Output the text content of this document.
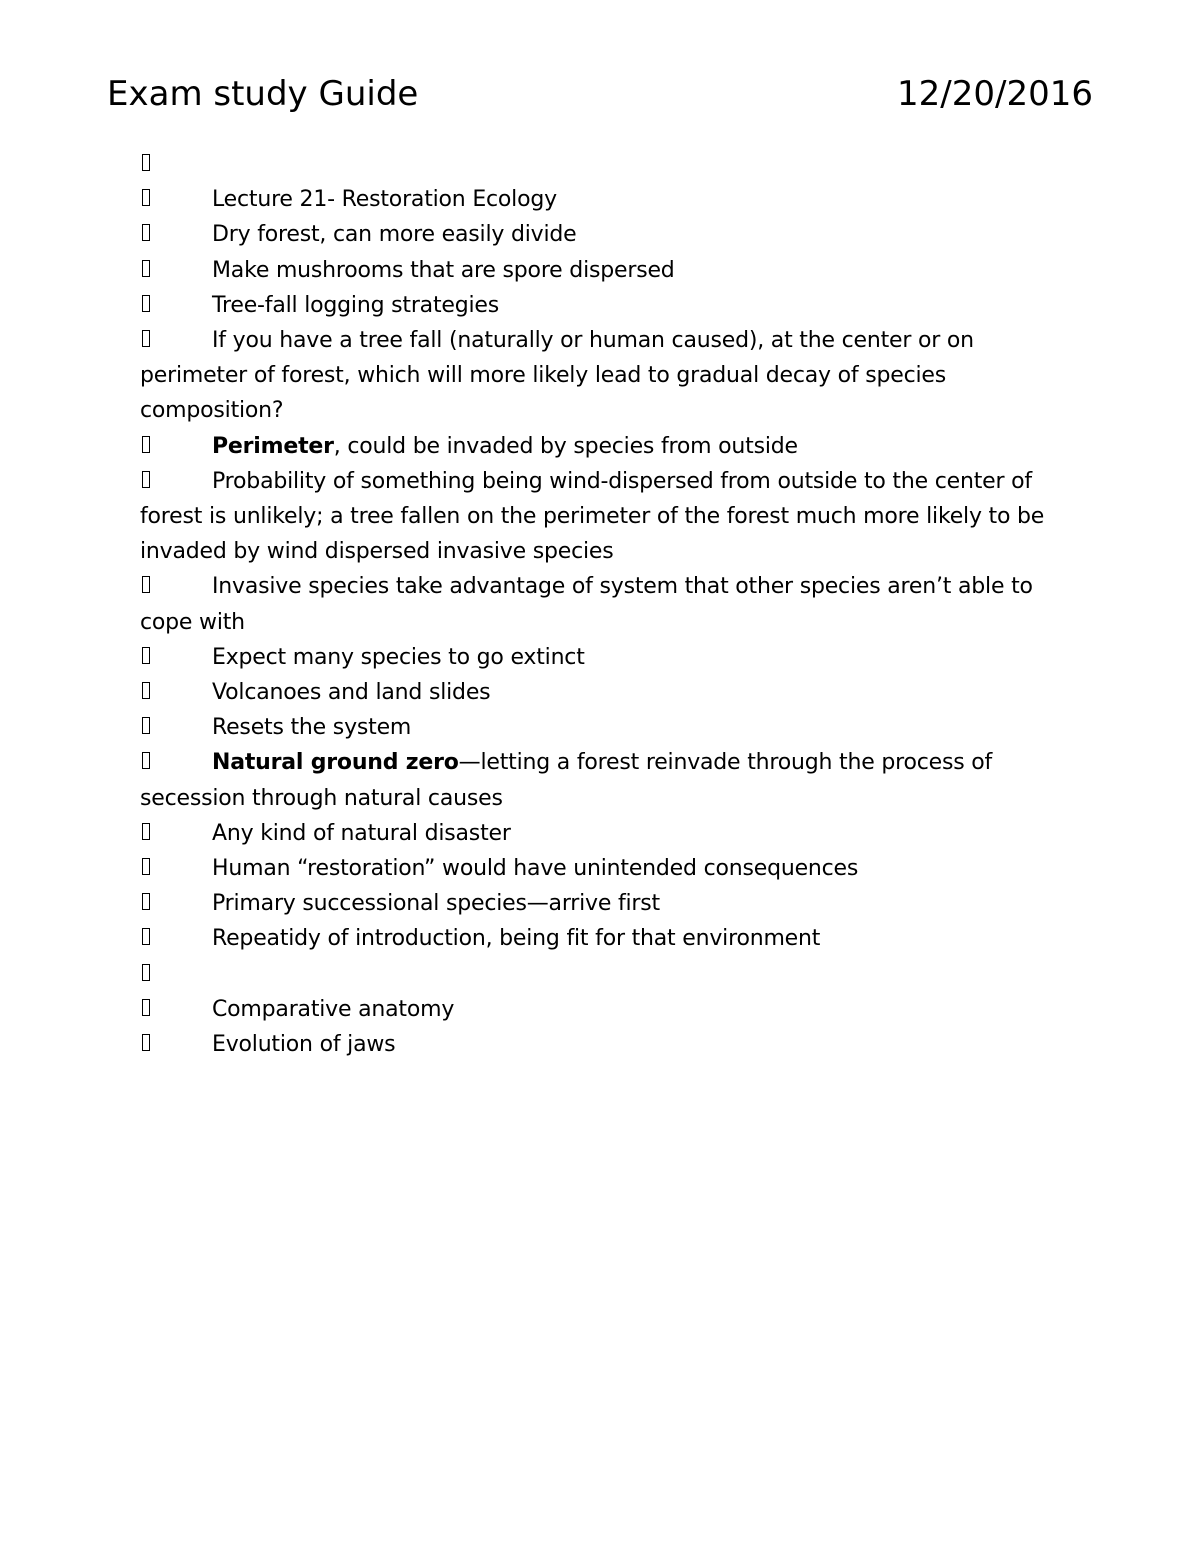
Exam study Guide	12/20/2016
Lecture 21- Restoration Ecology
Dry forest, can more easily divide
Make mushrooms that are spore dispersed
Tree-fall logging strategies
If you have a tree fall (naturally or human caused), at the center or on perimeter of forest, which will more likely lead to gradual decay of species composition?
Perimeter, could be invaded by species from outside
Probability of something being wind-dispersed from outside to the center of forest is unlikely; a tree fallen on the perimeter of the forest much more likely to be invaded by wind dispersed invasive species
Invasive species take advantage of system that other species aren’t able to cope with
Expect many species to go extinct
Volcanoes and land slides
Resets the system
Natural ground zero—letting a forest reinvade through the process of secession through natural causes
Any kind of natural disaster
Human “restoration” would have unintended consequences
Primary successional species—arrive first
Repeatidy of introduction, being fit for that environment
Comparative anatomy
Evolution of jaws
